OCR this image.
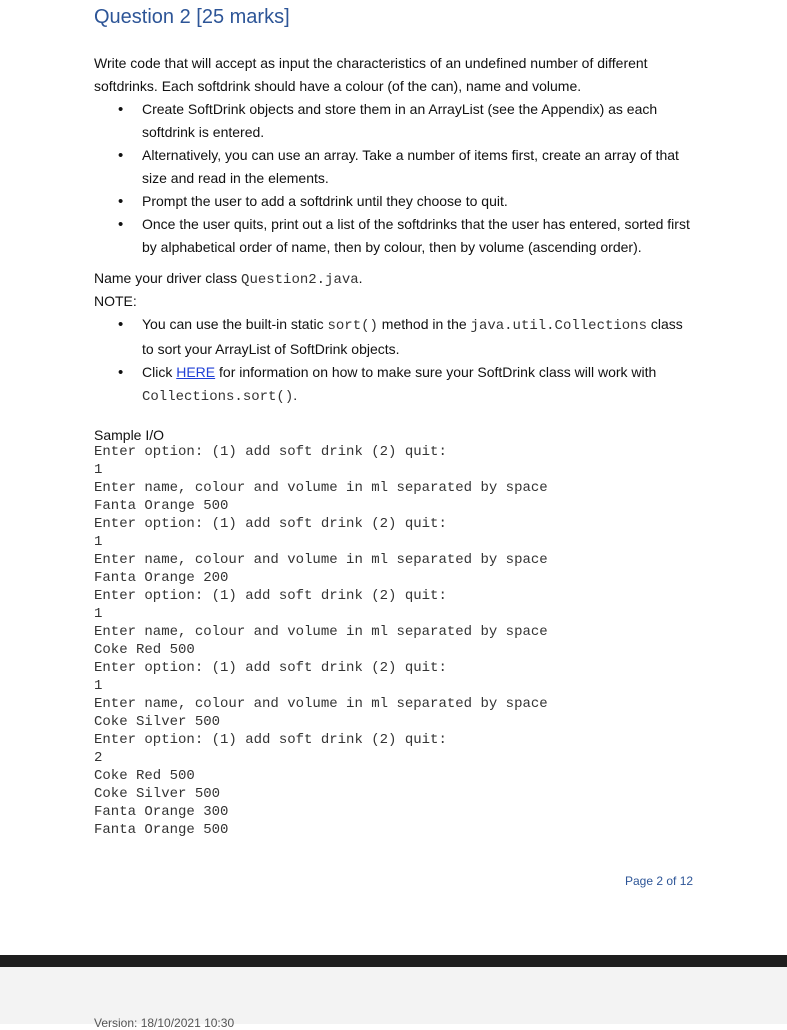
Question 2 [25 marks]

Write code that will accept as input the characteristics of an undefined number of different softdrinks. Each softdrink should have a colour (of the can), name and volume.

• Create SoftDrink objects and store them in an ArrayList (see the Appendix) as each softdrink is entered.
• Alternatively, you can use an array. Take a number of items first, create an array of that size and read in the elements.
• Prompt the user to add a softdrink until they choose to quit.
• Once the user quits, print out a list of the softdrinks that the user has entered, sorted first by alphabetical order of name, then by colour, then by volume (ascending order).

Name your driver class Question2.java.

NOTE:

• You can use the built-in static sort() method in the java.util.Collections class to sort your ArrayList of SoftDrink objects.
• Click HERE for information on how to make sure your SoftDrink class will work with Collections.sort().

Sample I/O

Enter option: (1) add soft drink (2) quit:
1
Enter name, colour and volume in ml separated by space
Fanta Orange 500
Enter option: (1) add soft drink (2) quit:
1
Enter name, colour and volume in ml separated by space
Fanta Orange 200
Enter option: (1) add soft drink (2) quit:
1
Enter name, colour and volume in ml separated by space
Coke Red 500
Enter option: (1) add soft drink (2) quit:
1
Enter name, colour and volume in ml separated by space
Coke Silver 500
Enter option: (1) add soft drink (2) quit:
2
Coke Red 500
Coke Silver 500
Fanta Orange 300
Fanta Orange 500
Page 2 of 12
Version: 18/10/2021 10:30
